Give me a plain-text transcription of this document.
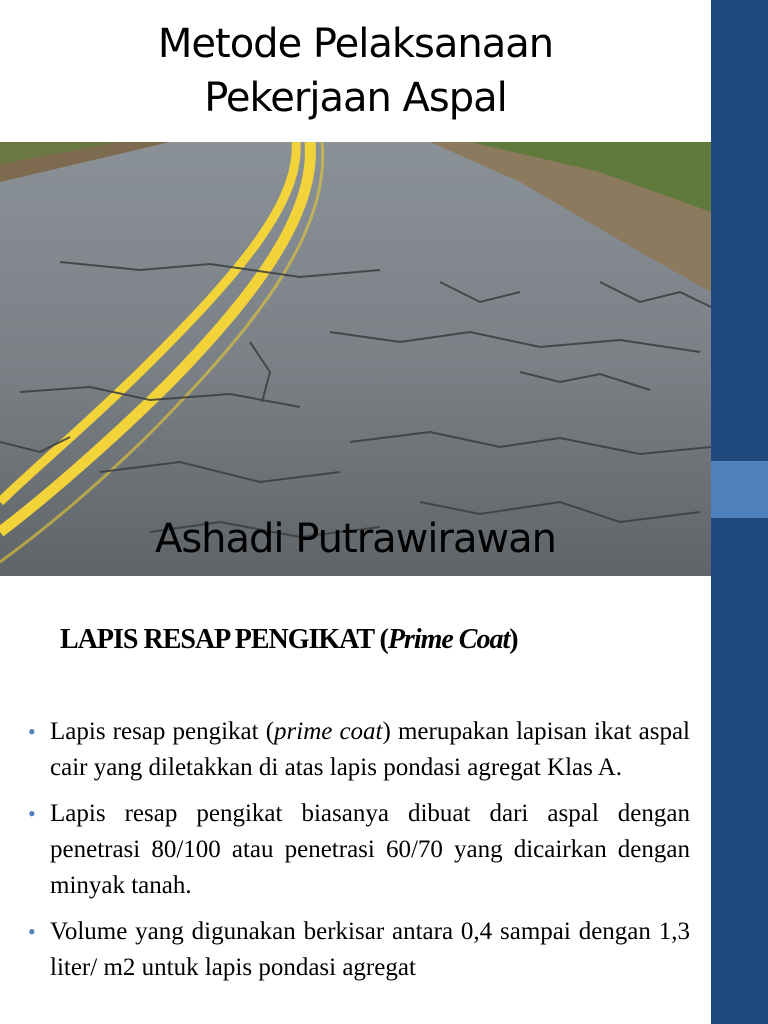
Metode Pelaksanaan
Pekerjaan Aspal
Ashadi Putrawirawan
LAPIS RESAP PENGIKAT (Prime Coat)
• Lapis resap pengikat (prime coat) merupakan lapisan ikat aspal cair yang diletakkan di atas lapis pondasi agregat Klas A.
• Lapis resap pengikat biasanya dibuat dari aspal dengan penetrasi 80/100 atau penetrasi 60/70 yang dicairkan dengan minyak tanah.
• Volume yang digunakan berkisar antara 0,4 sampai dengan 1,3 liter/ m2 untuk lapis pondasi agregat
